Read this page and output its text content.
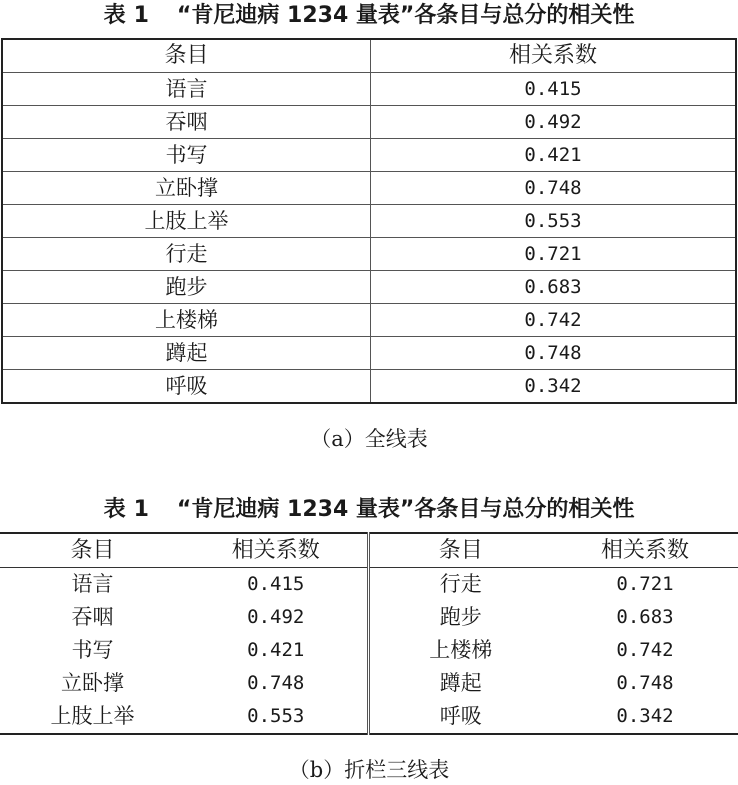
表 1 “肯尼迪病 1234 量表”各条目与总分的相关性
条目	相关系数
语言	0.415
吞咽	0.492
书写	0.421
立卧撑	0.748
上肢上举	0.553
行走	0.721
跑步	0.683
上楼梯	0.742
蹲起	0.748
呼吸	0.342
（a）全线表
表 1 “肯尼迪病 1234 量表”各条目与总分的相关性
条目	相关系数	条目	相关系数
语言	0.415	行走	0.721
吞咽	0.492	跑步	0.683
书写	0.421	上楼梯	0.742
立卧撑	0.748	蹲起	0.748
上肢上举	0.553	呼吸	0.342
（b）折栏三线表
